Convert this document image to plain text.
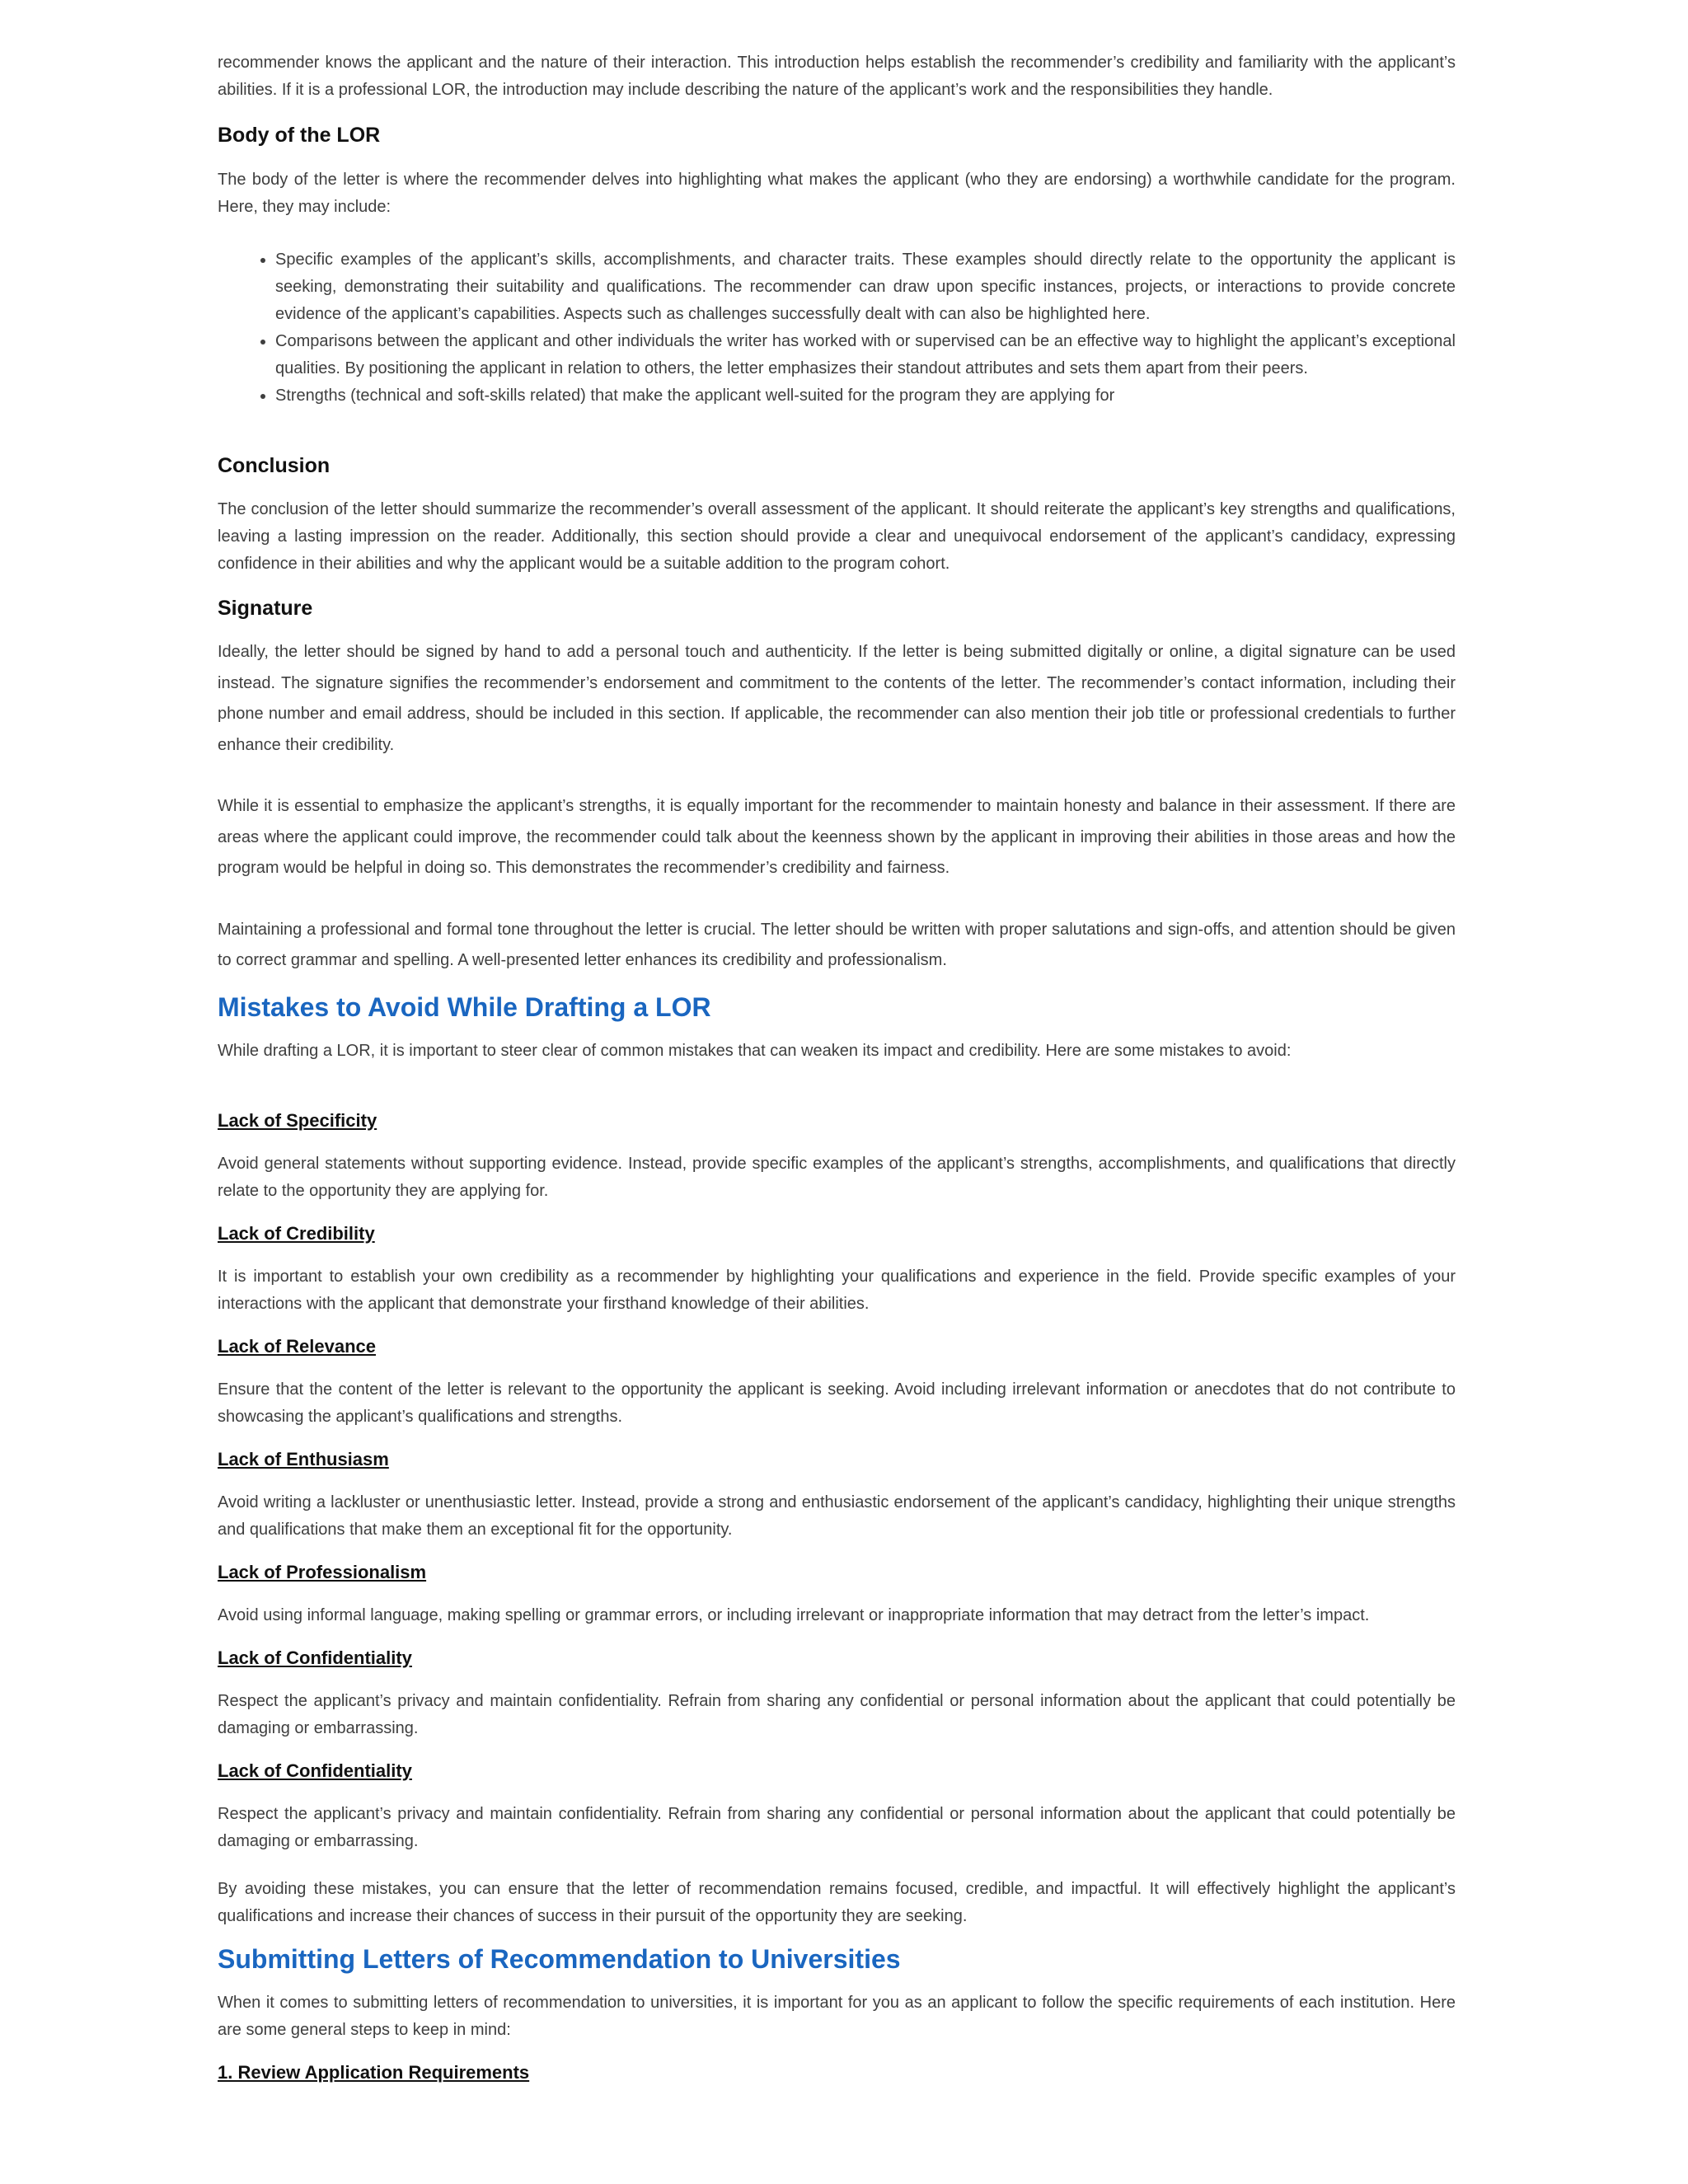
recommender knows the applicant and the nature of their interaction. This introduction helps establish the recommender’s credibility and familiarity with the applicant’s abilities. If it is a professional LOR, the introduction may include describing the nature of the applicant’s work and the responsibilities they handle.

Body of the LOR

The body of the letter is where the recommender delves into highlighting what makes the applicant (who they are endorsing) a worthwhile candidate for the program. Here, they may include:

• Specific examples of the applicant’s skills, accomplishments, and character traits. These examples should directly relate to the opportunity the applicant is seeking, demonstrating their suitability and qualifications. The recommender can draw upon specific instances, projects, or interactions to provide concrete evidence of the applicant’s capabilities. Aspects such as challenges successfully dealt with can also be highlighted here.
• Comparisons between the applicant and other individuals the writer has worked with or supervised can be an effective way to highlight the applicant’s exceptional qualities. By positioning the applicant in relation to others, the letter emphasizes their standout attributes and sets them apart from their peers.
• Strengths (technical and soft-skills related) that make the applicant well-suited for the program they are applying for
Conclusion

The conclusion of the letter should summarize the recommender’s overall assessment of the applicant. It should reiterate the applicant’s key strengths and qualifications, leaving a lasting impression on the reader. Additionally, this section should provide a clear and unequivocal endorsement of the applicant’s candidacy, expressing confidence in their abilities and why the applicant would be a suitable addition to the program cohort.

Signature

Ideally, the letter should be signed by hand to add a personal touch and authenticity. If the letter is being submitted digitally or online, a digital signature can be used instead. The signature signifies the recommender’s endorsement and commitment to the contents of the letter. The recommender’s contact information, including their phone number and email address, should be included in this section. If applicable, the recommender can also mention their job title or professional credentials to further enhance their credibility.

While it is essential to emphasize the applicant’s strengths, it is equally important for the recommender to maintain honesty and balance in their assessment. If there are areas where the applicant could improve, the recommender could talk about the keenness shown by the applicant in improving their abilities in those areas and how the program would be helpful in doing so. This demonstrates the recommender’s credibility and fairness.

Maintaining a professional and formal tone throughout the letter is crucial. The letter should be written with proper salutations and sign-offs, and attention should be given to correct grammar and spelling. A well-presented letter enhances its credibility and professionalism.

Mistakes to Avoid While Drafting a LOR

While drafting a LOR, it is important to steer clear of common mistakes that can weaken its impact and credibility. Here are some mistakes to avoid:

Lack of Specificity

Avoid general statements without supporting evidence. Instead, provide specific examples of the applicant’s strengths, accomplishments, and qualifications that directly relate to the opportunity they are applying for.

Lack of Credibility

It is important to establish your own credibility as a recommender by highlighting your qualifications and experience in the field. Provide specific examples of your interactions with the applicant that demonstrate your firsthand knowledge of their abilities.

Lack of Relevance

Ensure that the content of the letter is relevant to the opportunity the applicant is seeking. Avoid including irrelevant information or anecdotes that do not contribute to showcasing the applicant’s qualifications and strengths.

Lack of Enthusiasm

Avoid writing a lackluster or unenthusiastic letter. Instead, provide a strong and enthusiastic endorsement of the applicant’s candidacy, highlighting their unique strengths and qualifications that make them an exceptional fit for the opportunity.

Lack of Professionalism

Avoid using informal language, making spelling or grammar errors, or including irrelevant or inappropriate information that may detract from the letter’s impact.

Lack of Confidentiality

Respect the applicant’s privacy and maintain confidentiality. Refrain from sharing any confidential or personal information about the applicant that could potentially be damaging or embarrassing.

Lack of Confidentiality

Respect the applicant’s privacy and maintain confidentiality. Refrain from sharing any confidential or personal information about the applicant that could potentially be damaging or embarrassing.

By avoiding these mistakes, you can ensure that the letter of recommendation remains focused, credible, and impactful. It will effectively highlight the applicant’s qualifications and increase their chances of success in their pursuit of the opportunity they are seeking.

Submitting Letters of Recommendation to Universities

When it comes to submitting letters of recommendation to universities, it is important for you as an applicant to follow the specific requirements of each institution. Here are some general steps to keep in mind:

1. Review Application Requirements
